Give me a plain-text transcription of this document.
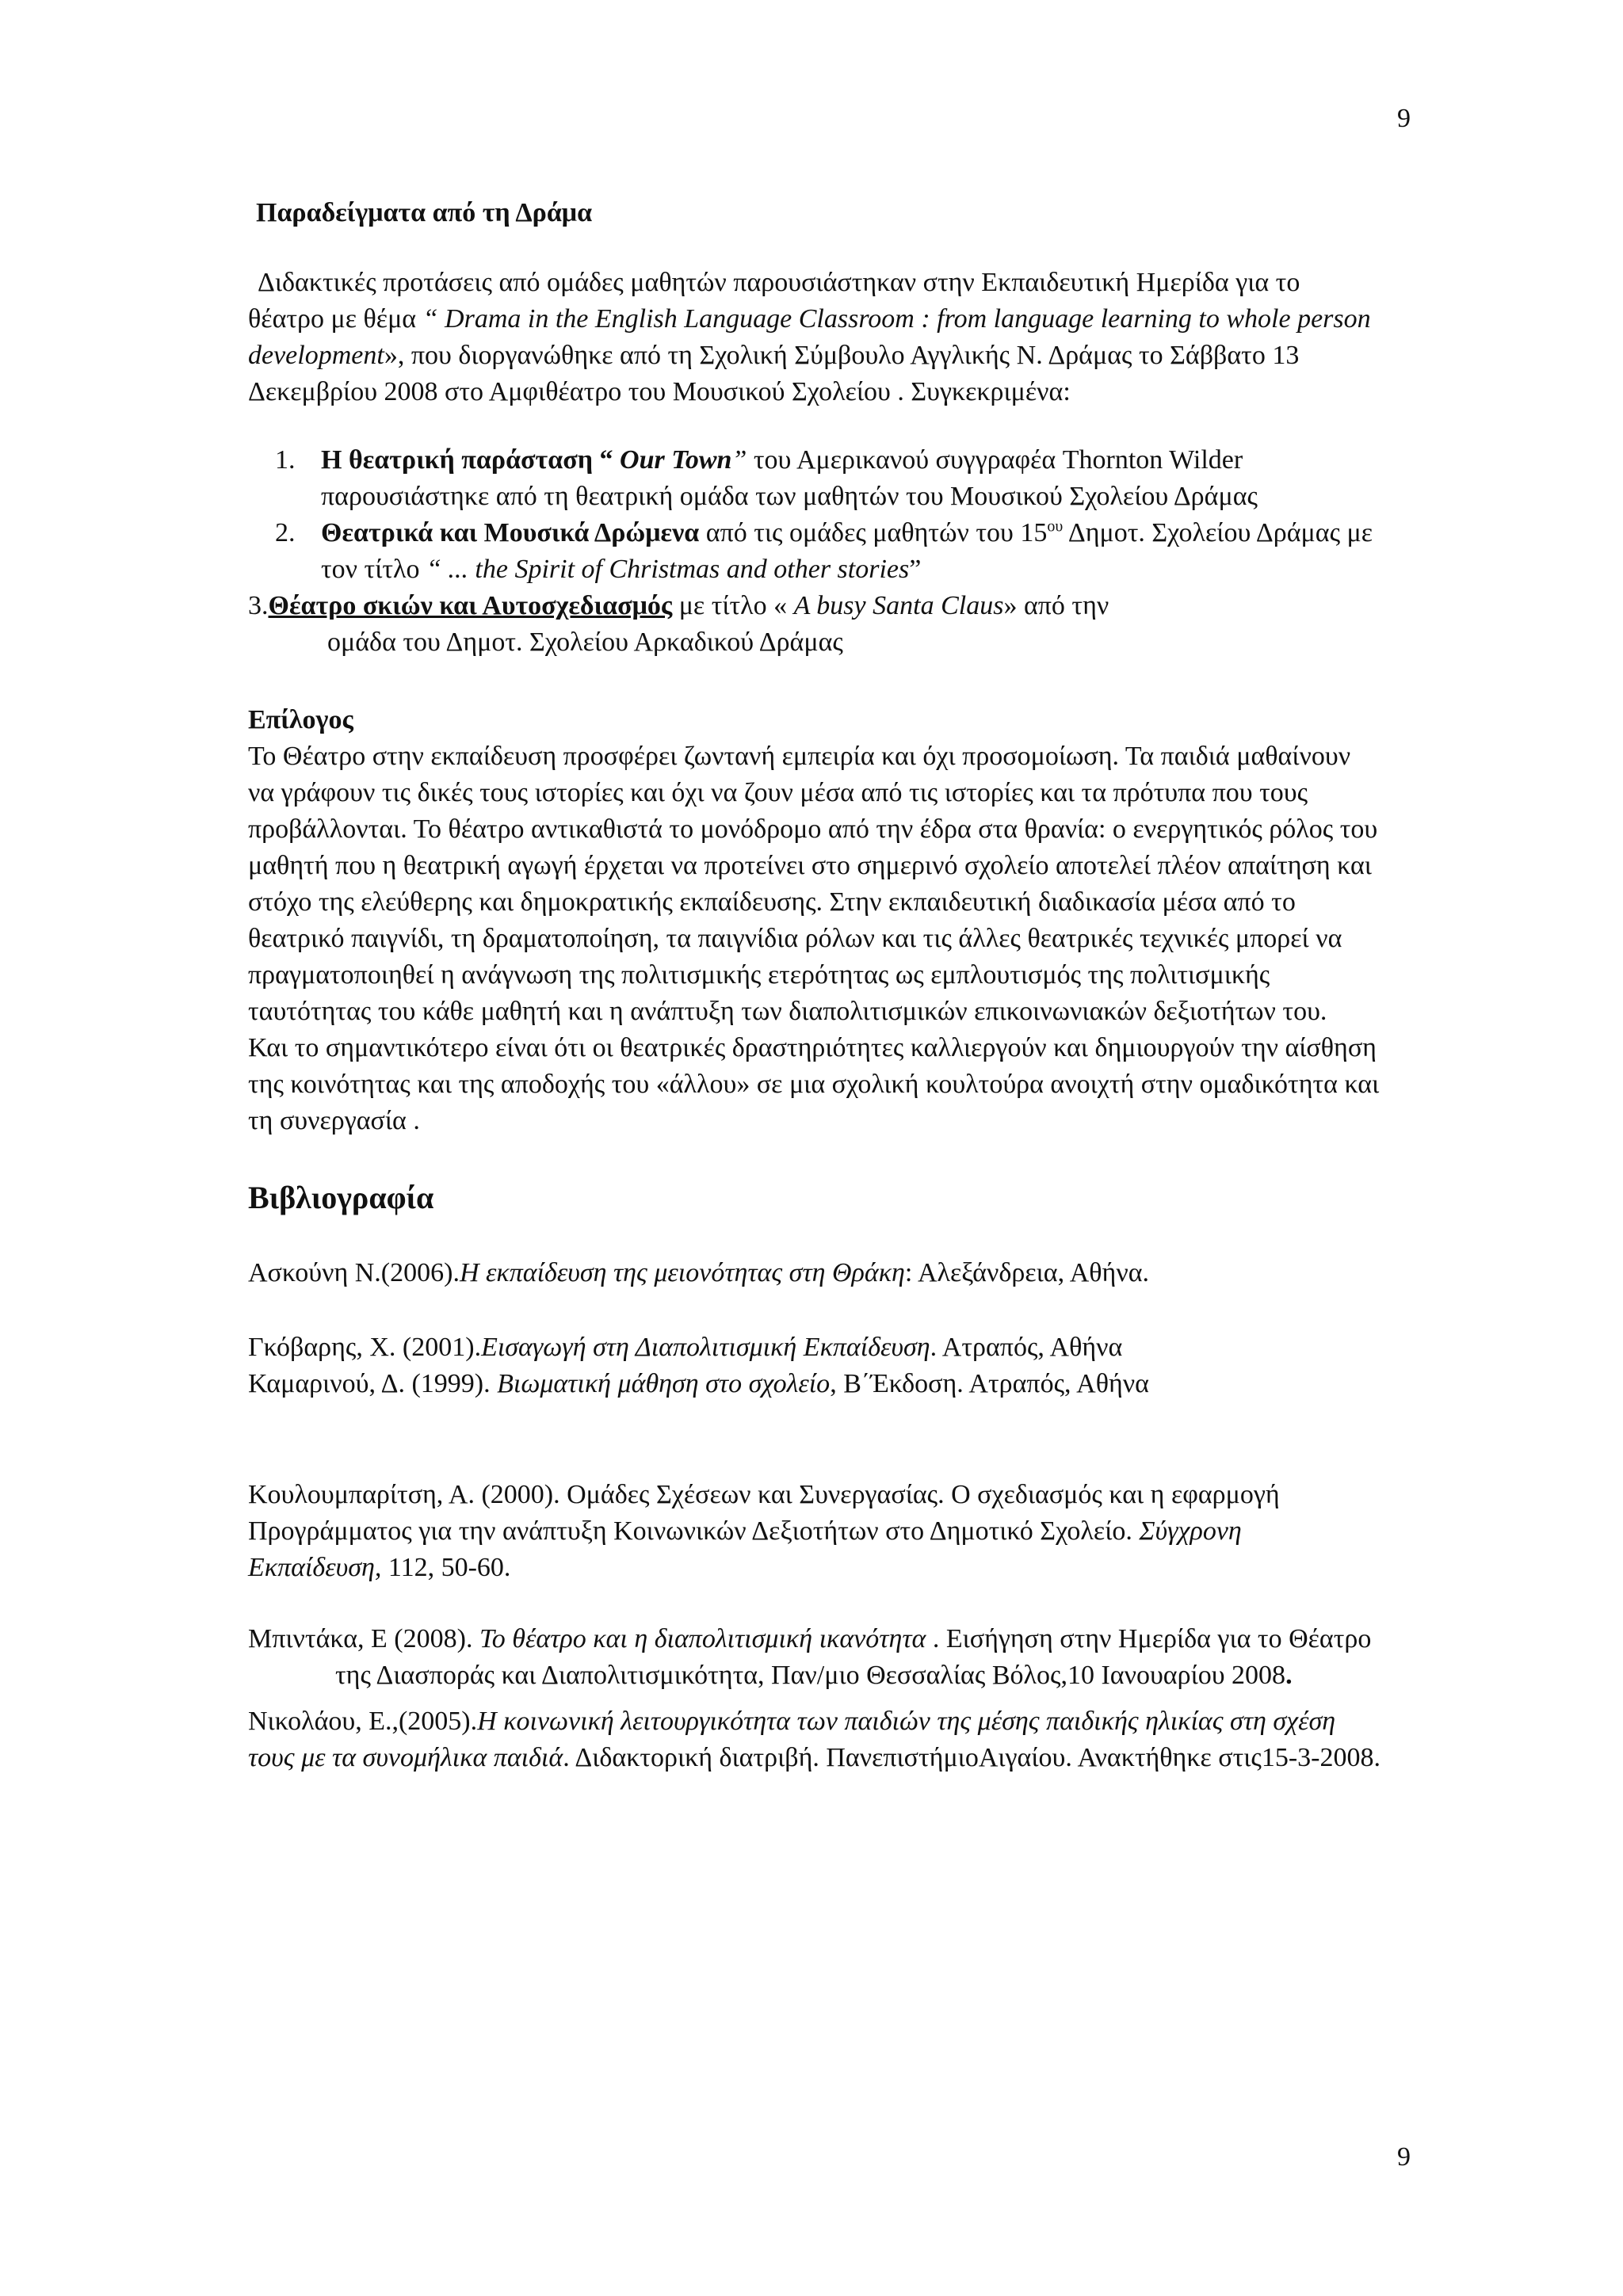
9

Παραδείγματα από τη Δράμα

Διδακτικές προτάσεις από ομάδες μαθητών παρουσιάστηκαν στην Εκπαιδευτική Ημερίδα για το θέατρο με θέμα “ Drama in the English Language Classroom : from language learning to whole person development», που διοργανώθηκε από τη Σχολική Σύμβουλο Αγγλικής Ν. Δράμας το Σάββατο 13 Δεκεμβρίου 2008 στο Αμφιθέατρο του Μουσικού Σχολείου . Συγκεκριμένα:

1. Η θεατρική παράσταση “ Our Town” του Αμερικανού συγγραφέα Thornton Wilder παρουσιάστηκε από τη θεατρική ομάδα των μαθητών του Μουσικού Σχολείου Δράμας
2. Θεατρικά και Μουσικά Δρώμενα από τις ομάδες μαθητών του $15^{o\upsilon}$ Δημοτ. Σχολείου Δράμας με τον τίτλο “ ... the Spirit of Christmas and other stories”
3.Θέατρο σκιών και Αυτοσχεδιασμός με τίτλο « A busy Santa Claus» από την
ομάδα του Δημοτ. Σχολείου Αρκαδικού Δράμας

Επίλογος

Το Θέατρο στην εκπαίδευση προσφέρει ζωντανή εμπειρία και όχι προσομοίωση. Τα παιδιά μαθαίνουν να γράφουν τις δικές τους ιστορίες και όχι να ζουν μέσα από τις ιστορίες και τα πρότυπα που τους προβάλλονται. Το θέατρο αντικαθιστά το μονόδρομο από την έδρα στα θρανία: ο ενεργητικός ρόλος του μαθητή που η θεατρική αγωγή έρχεται να προτείνει στο σημερινό σχολείο αποτελεί πλέον απαίτηση και στόχο της ελεύθερης και δημοκρατικής εκπαίδευσης. Στην εκπαιδευτική διαδικασία μέσα από το θεατρικό παιγνίδι, τη δραματοποίηση, τα παιγνίδια ρόλων και τις άλλες θεατρικές τεχνικές μπορεί να πραγματοποιηθεί η ανάγνωση της πολιτισμικής ετερότητας ως εμπλουτισμός της πολιτισμικής ταυτότητας του κάθε μαθητή και η ανάπτυξη των διαπολιτισμικών επικοινωνιακών δεξιοτήτων του.

Και το σημαντικότερο είναι ότι οι θεατρικές δραστηριότητες καλλιεργούν και δημιουργούν την αίσθηση της κοινότητας και της αποδοχής του «άλλου» σε μια σχολική κουλτούρα ανοιχτή στην ομαδικότητα και τη συνεργασία .

Βιβλιογραφία

Ασκούνη Ν.(2006).Η εκπαίδευση της μειονότητας στη Θράκη: Αλεξάνδρεια, Αθήνα.

Γκόβαρης, Χ. (2001).Εισαγωγή στη Διαπολιτισμική Εκπαίδευση. Ατραπός, Αθήνα

Καμαρινού, Δ. (1999). Βιωματική μάθηση στο σχολείο, Β΄Έκδοση. Ατραπός, Αθήνα

Κουλουμπαρίτση, Α. (2000). Ομάδες Σχέσεων και Συνεργασίας. Ο σχεδιασμός και η εφαρμογή Προγράμματος για την ανάπτυξη Κοινωνικών Δεξιοτήτων στο Δημοτικό Σχολείο. Σύγχρονη Εκπαίδευση, 112, 50-60.

Μπιντάκα, Ε (2008). Το θέατρο και η διαπολιτισμική ικανότητα . Εισήγηση στην Ημερίδα για το Θέατρο της Διασποράς και Διαπολιτισμικότητα, Παν/μιο Θεσσαλίας Βόλος,10 Ιανουαρίου 2008.

Νικολάου, Ε.,(2005).Η κοινωνική λειτουργικότητα των παιδιών της μέσης παιδικής ηλικίας στη σχέση τους με τα συνομήλικα παιδιά. Διδακτορική διατριβή. ΠανεπιστήμιοΑιγαίου. Ανακτήθηκε στις15-3-2008.

9
